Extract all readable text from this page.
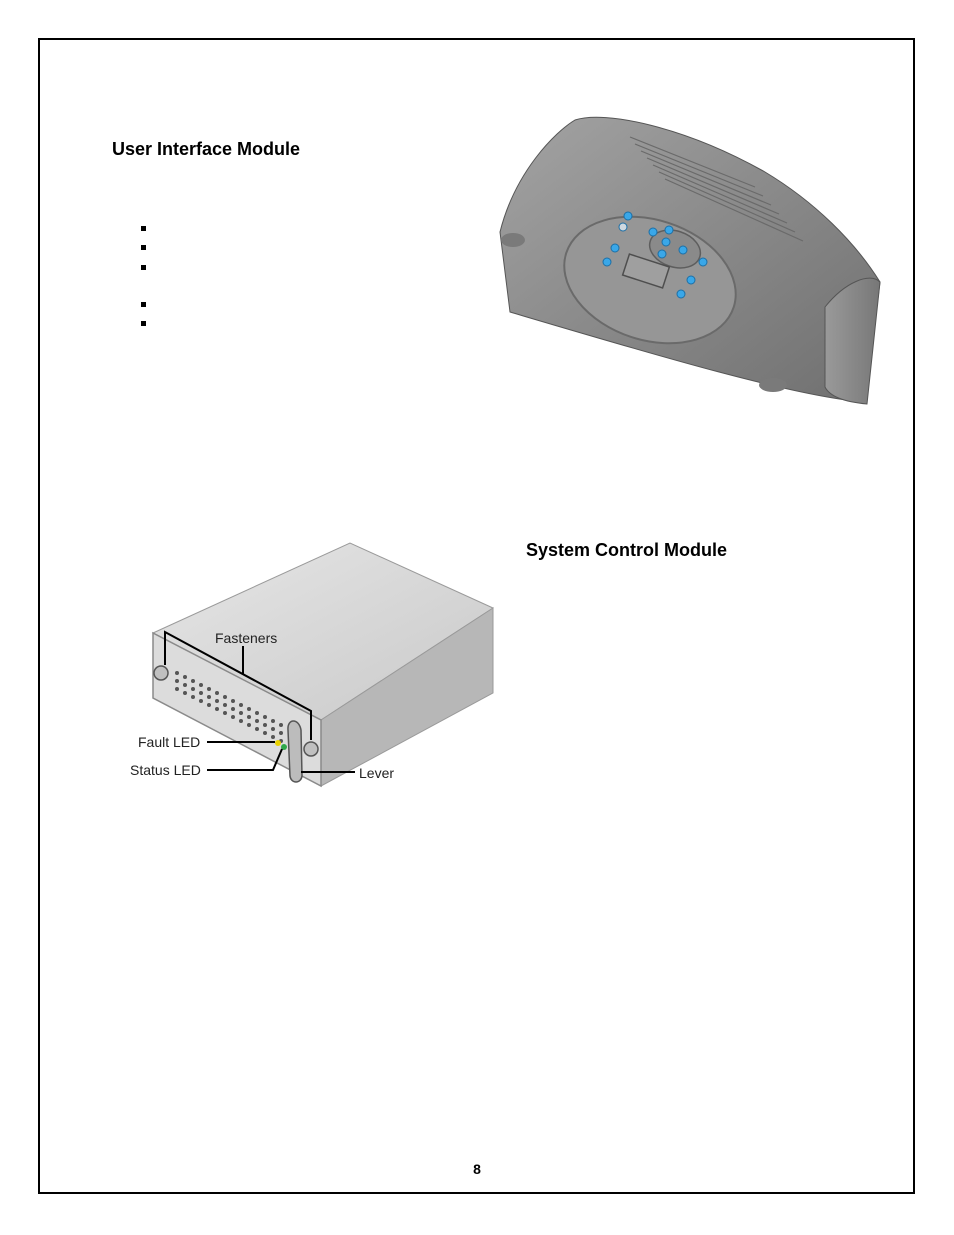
User Interface Module
System Control Module
Fasteners
Fault LED
Status LED	Lever
8
